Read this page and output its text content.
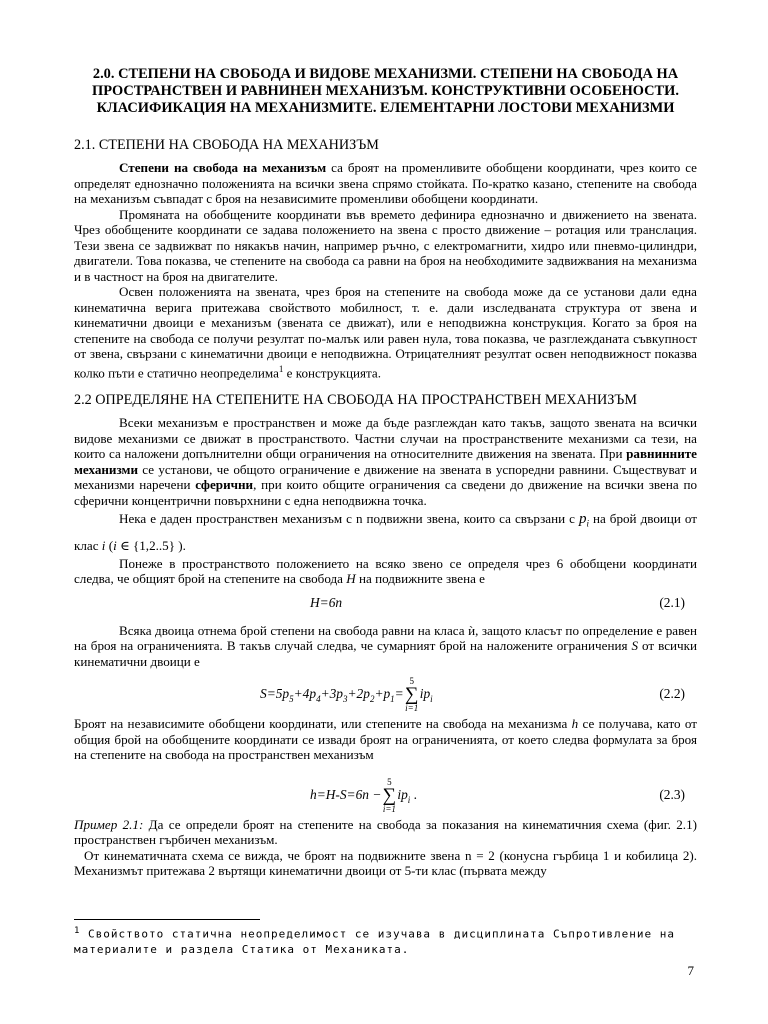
2.0. СТЕПЕНИ НА СВОБОДА И ВИДОВЕ МЕХАНИЗМИ. СТЕПЕНИ НА СВОБОДА НА ПРОСТРАНСТВЕН И РАВНИНЕН МЕХАНИЗЪМ. КОНСТРУКТИВНИ ОСОБЕНОСТИ. КЛАСИФИКАЦИЯ НА МЕХАНИЗМИТЕ. ЕЛЕМЕНТАРНИ ЛОСТОВИ МЕХАНИЗМИ
2.1. СТЕПЕНИ НА СВОБОДА НА МЕХАНИЗЪМ

Степени на свобода на механизъм са броят на променливите обобщени координати, чрез които се определят еднозначно положенията на всички звена спрямо стойката. По-кратко казано, степените на свобода на механизъм съвпадат с броя на независимите променливи обобщени координати.

Промяната на обобщените координати във времето дефинира еднозначно и движението на звената. Чрез обобщените координати се задава положението на звена с простo движение – ротация или транслация. Тези звена се задвижват по някакъв начин, например ръчно, с електромагнити, хидро или пневмо-цилиндри, двигатели. Това показва, че степените на свобода са равни на броя на необходимите задвижвания на механизма и в частност на броя на двигателите.

Освен положенията на звената, чрез броя на степените на свобода може да се установи дали една кинематична верига притежава свойството мобилност, т. е. дали изследваната структура от звена и кинематични двоици е механизъм (звената се движат), или е неподвижна конструкция. Когато за броя на степените на свобода се получи резултат по-малък или равен нула, това показва, че разглежданата съвкупност от звена, свързани с кинематични двоици е неподвижна. Отрицателният резултат освен неподвижност показва колко пъти е статично неопределима$^1$ е конструкцията.

2.2 ОПРЕДЕЛЯНЕ НА СТЕПЕНИТЕ НА СВОБОДА НА ПРОСТРАНСТВЕН МЕХАНИЗЪМ

Всеки механизъм е пространствен и може да бъде разглеждан като такъв, защото звената на всички видове механизми се движат в пространството. Частни случаи на пространствените механизми са тези, на които са наложени допълнителни общи ограничения на относителните движения на звената. При равнинните механизми се установи, че общото ограничение е движение на звената в успоредни равнини. Съществуват и механизми наречени сферични, при които общите ограничения са сведени до движение на всички звена по сферични концентрични повърхнини с една неподвижна точка.

Нека е даден пространствен механизъм с n подвижни звена, които са свързани с $p_i$ на брой двоици от клас i (i ∈ {1,2..5} ).

Понеже в пространството положението на всяко звено се определя чрез 6 обобщени координати следва, че общият брой на степените на свобода H на подвижните звена е

H=6n	(2.1)

Всяка двоица отнема брой степени на свобода равни на класа ѝ, защото класът по определение е равен на броя на ограниченията. В такъв случай следва, че сумарният брой на наложените ограничения S от всички кинематични двоици е

$S=5p_5+4p_4+3p_3+2p_2+p_1=$
5
∑
i=1
$ip_i$	(2.2)

Броят на независимите обобщени координати, или степените на свобода на механизма h се получава, като от общия брой на обобщените координати се извади броят на ограниченията, от което следва формулата за броя на степените на свобода на пространствен механизъм

h=H-S=6n −
5
∑
i=1
$ip_i$ .	(2.3)

Пример 2.1: Да се определи броят на степените на свобода за показания на кинематичния схема (фиг. 2.1) пространствен гърбичен механизъм.

От кинематичната схема се вижда, че броят на подвижните звена n = 2 (конусна гърбица 1 и кобилица 2). Механизмът притежава 2 въртящи кинематични двоици от 5-ти клас (първата между

$^1$ Свойството статична неопределимост се изучава в дисциплината Съпротивление на материалите и раздела Статика от Механиката.
7
